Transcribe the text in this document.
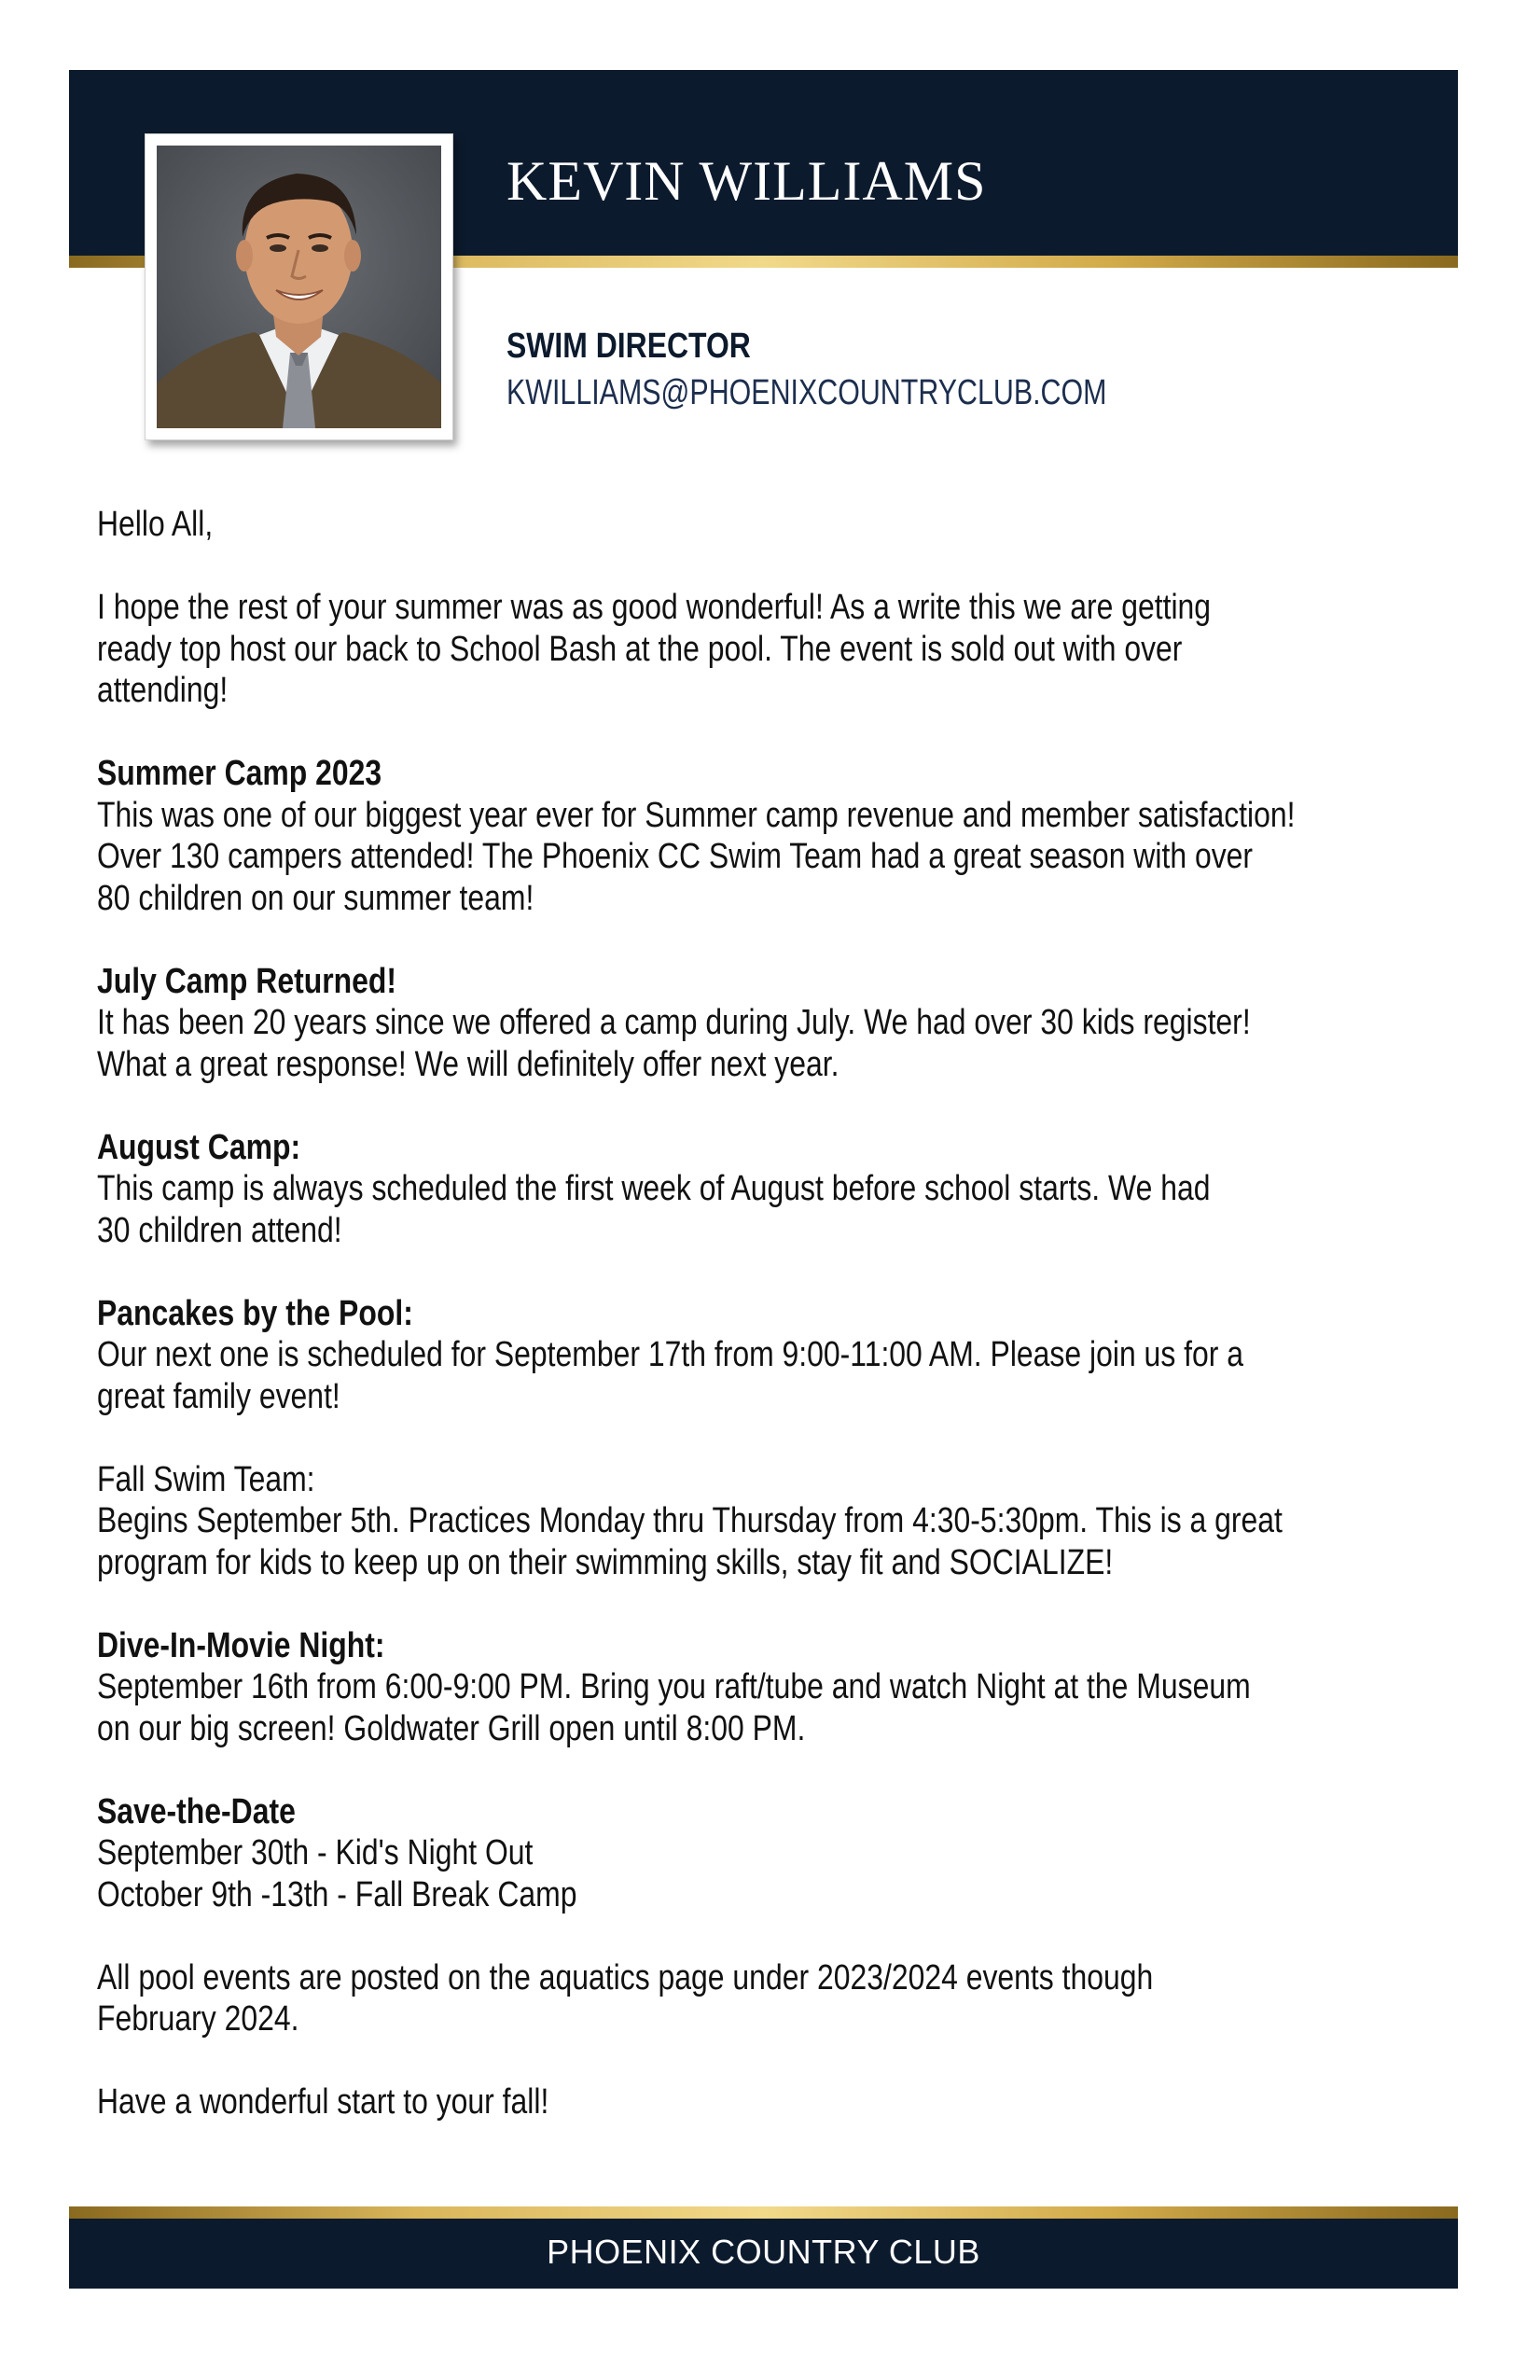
KEVIN WILLIAMS
SWIM DIRECTOR
KWILLIAMS@PHOENIXCOUNTRYCLUB.COM

Hello All,

I hope the rest of your summer was as good wonderful! As a write this we are getting
ready top host our back to School Bash at the pool. The event is sold out with over
attending!

Summer Camp 2023
This was one of our biggest year ever for Summer camp revenue and member satisfaction!
Over 130 campers attended! The Phoenix CC Swim Team had a great season with over
80 children on our summer team!

July Camp Returned!
It has been 20 years since we offered a camp during July. We had over 30 kids register!
What a great response! We will definitely offer next year.

August Camp:
This camp is always scheduled the first week of August before school starts. We had
30 children attend!

Pancakes by the Pool:
Our next one is scheduled for September 17th from 9:00-11:00 AM. Please join us for a
great family event!

Fall Swim Team:
Begins September 5th. Practices Monday thru Thursday from 4:30-5:30pm. This is a great
program for kids to keep up on their swimming skills, stay fit and SOCIALIZE!

Dive-In-Movie Night:
September 16th from 6:00-9:00 PM. Bring you raft/tube and watch Night at the Museum
on our big screen! Goldwater Grill open until 8:00 PM.

Save-the-Date
September 30th - Kid's Night Out
October 9th -13th - Fall Break Camp

All pool events are posted on the aquatics page under 2023/2024 events though
February 2024.

Have a wonderful start to your fall!

PHOENIX COUNTRY CLUB
